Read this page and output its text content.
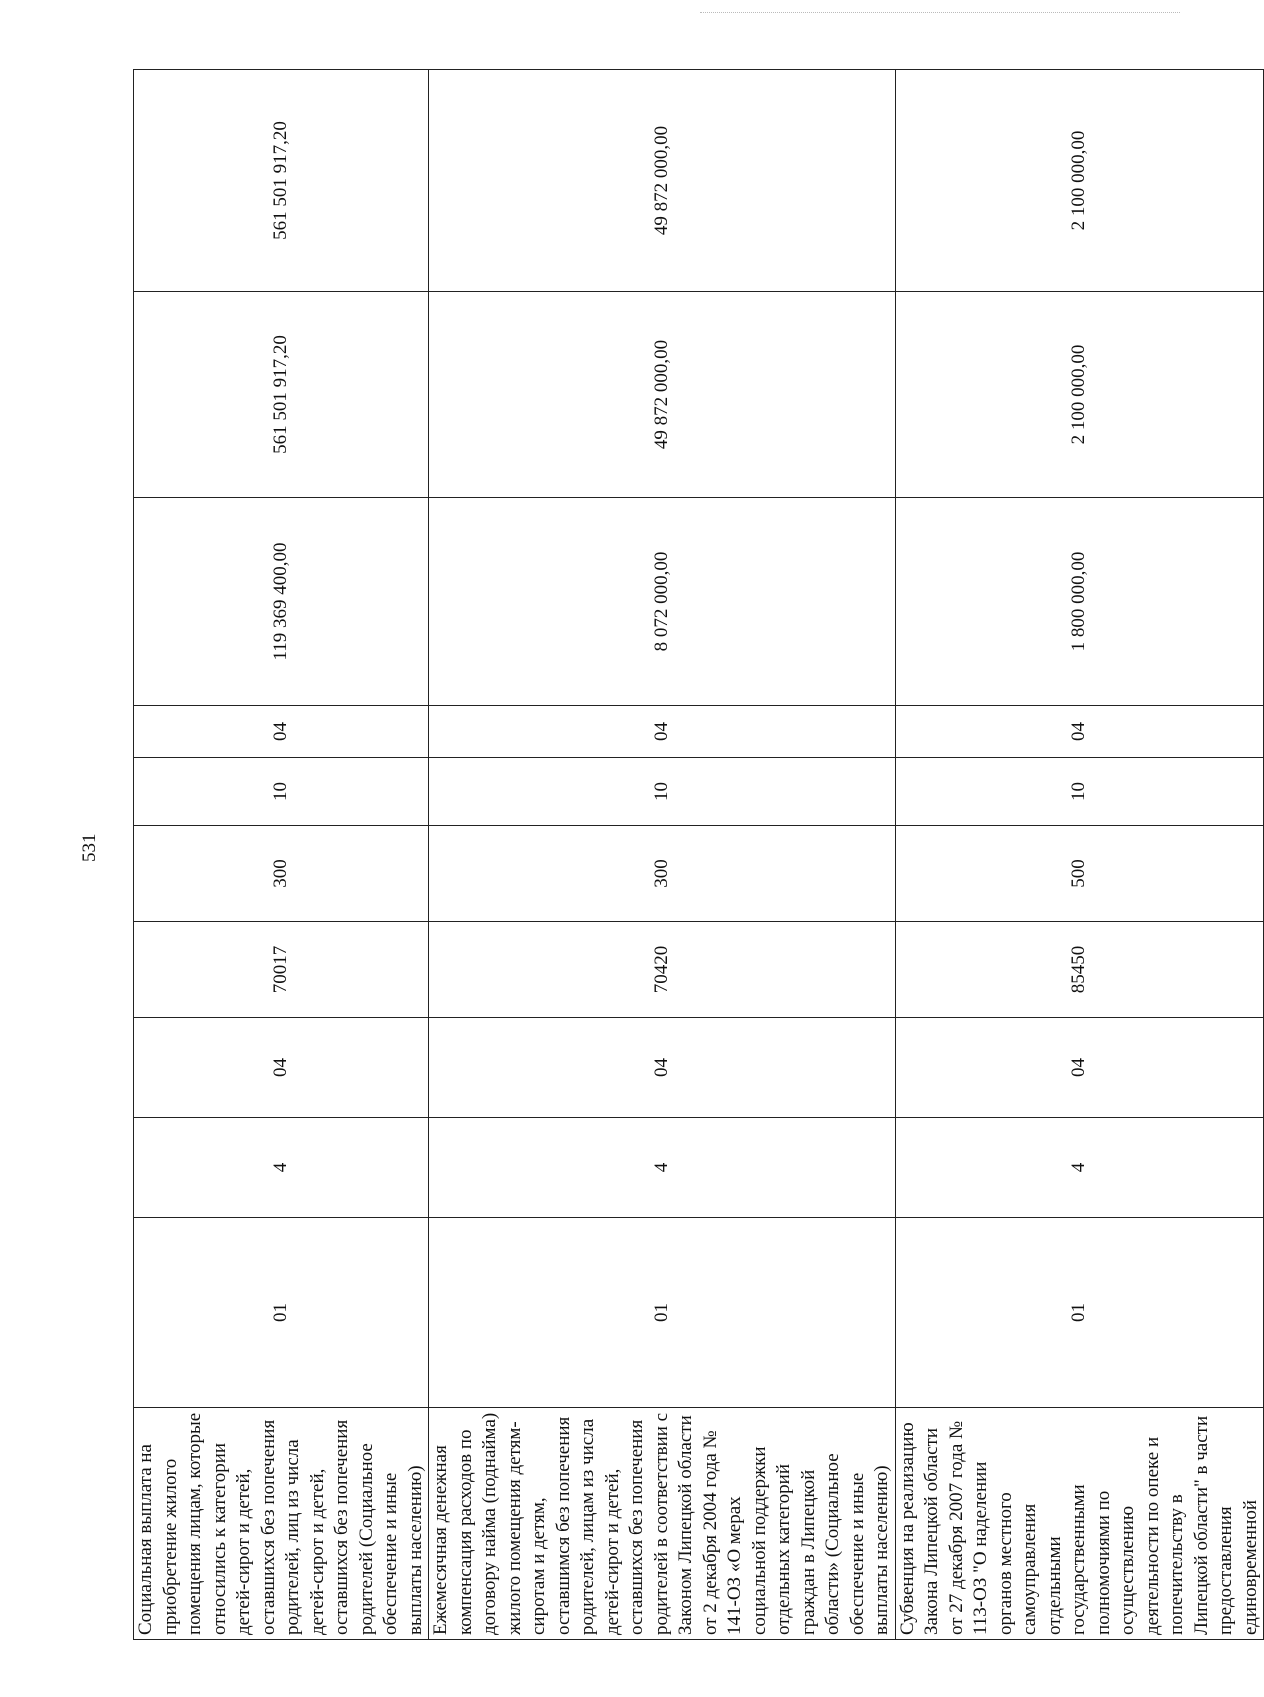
531
Социальная выплата на приобретение жилого помещения лицам, которые относились к категории детей-сирот и детей, оставшихся без попечения родителей, лиц из числа детей-сирот и детей, оставшихся без попечения родителей (Социальное обеспечение и иные выплаты населению)	01	4	04	70017	300	10	04	119 369 400,00	561 501 917,20	561 501 917,20
Ежемесячная денежная компенсация расходов по договору найма (поднайма) жилого помещения детям-сиротам и детям, оставшимся без попечения родителей, лицам из числа детей-сирот и детей, оставшихся без попечения родителей в соответствии с Законом Липецкой области от 2 декабря 2004 года № 141-ОЗ «О мерах социальной поддержки отдельных категорий граждан в Липецкой области» (Социальное обеспечение и иные выплаты населению)	01	4	04	70420	300	10	04	8 072 000,00	49 872 000,00	49 872 000,00
Субвенция на реализацию Закона Липецкой области от 27 декабря 2007 года № 113-ОЗ "О наделении органов местного самоуправления отдельными государственными полномочиями по осуществлению деятельности по опеке и попечительству в Липецкой области" в части предоставления единовременной	01	4	04	85450	500	10	04	1 800 000,00	2 100 000,00	2 100 000,00
